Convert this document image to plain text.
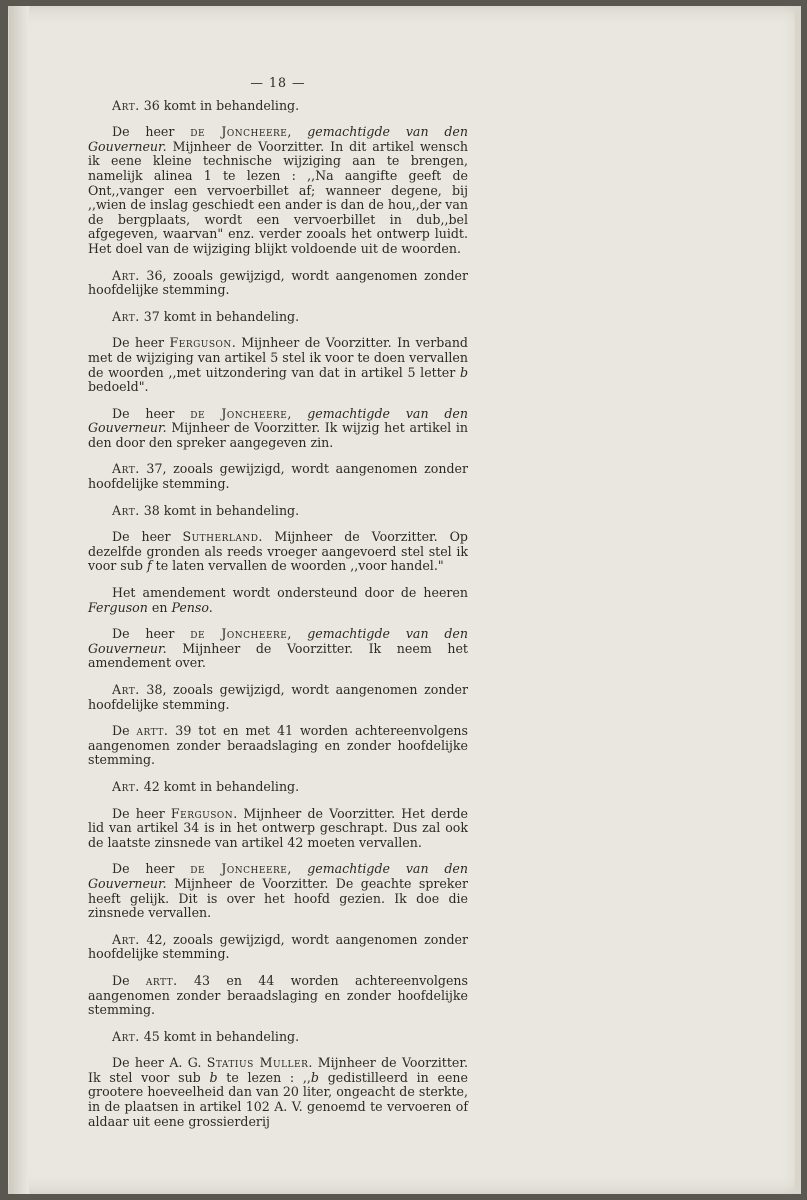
— 18 —

Art. 36 komt in behandeling.

De heer de Joncheere, gemachtigde van den Gouverneur. Mijnheer de Voorzitter. In dit artikel wensch ik eene kleine technische wijziging aan te brengen, namelijk alinea 1 te lezen : ,,Na aangifte geeft de Ont,,vanger een vervoerbillet af; wanneer degene, bij ,,wien de inslag geschiedt een ander is dan de hou,,der van de bergplaats, wordt een vervoerbillet in dub,,bel afgegeven, waarvan" enz. verder zooals het ontwerp luidt. Het doel van de wijziging blijkt voldoende uit de woorden.

Art. 36, zooals gewijzigd, wordt aangenomen zonder hoofdelijke stemming.

Art. 37 komt in behandeling.

De heer Ferguson. Mijnheer de Voorzitter. In verband met de wijziging van artikel 5 stel ik voor te doen vervallen de woorden ,,met uitzondering van dat in artikel 5 letter b bedoeld".

De heer de Joncheere, gemachtigde van den Gouverneur. Mijnheer de Voorzitter. Ik wijzig het artikel in den door den spreker aangegeven zin.

Art. 37, zooals gewijzigd, wordt aangenomen zonder hoofdelijke stemming.

Art. 38 komt in behandeling.

De heer Sutherland. Mijnheer de Voorzitter. Op dezelfde gronden als reeds vroeger aangevoerd stel stel ik voor sub f te laten vervallen de woorden ,,voor handel."

Het amendement wordt ondersteund door de heeren Ferguson en Penso.

De heer de Joncheere, gemachtigde van den Gouverneur. Mijnheer de Voorzitter. Ik neem het amendement over.

Art. 38, zooals gewijzigd, wordt aangenomen zonder hoofdelijke stemming.

De artt. 39 tot en met 41 worden achtereenvolgens aangenomen zonder beraadslaging en zonder hoofdelijke stemming.

Art. 42 komt in behandeling.

De heer Ferguson. Mijnheer de Voorzitter. Het derde lid van artikel 34 is in het ontwerp geschrapt. Dus zal ook de laatste zinsnede van artikel 42 moeten vervallen.

De heer de Joncheere, gemachtigde van den Gouverneur. Mijnheer de Voorzitter. De geachte spreker heeft gelijk. Dit is over het hoofd gezien. Ik doe die zinsnede vervallen.

Art. 42, zooals gewijzigd, wordt aangenomen zonder hoofdelijke stemming.

De artt. 43 en 44 worden achtereenvolgens aangenomen zonder beraadslaging en zonder hoofdelijke stemming.

Art. 45 komt in behandeling.

De heer A. G. Statius Muller. Mijnheer de Voorzitter. Ik stel voor sub b te lezen : ,,b gedistilleerd in eene grootere hoeveelheid dan van 20 liter, ongeacht de sterkte, in de plaatsen in artikel 102 A. V. genoemd te vervoeren of aldaar uit eene grossierderij
